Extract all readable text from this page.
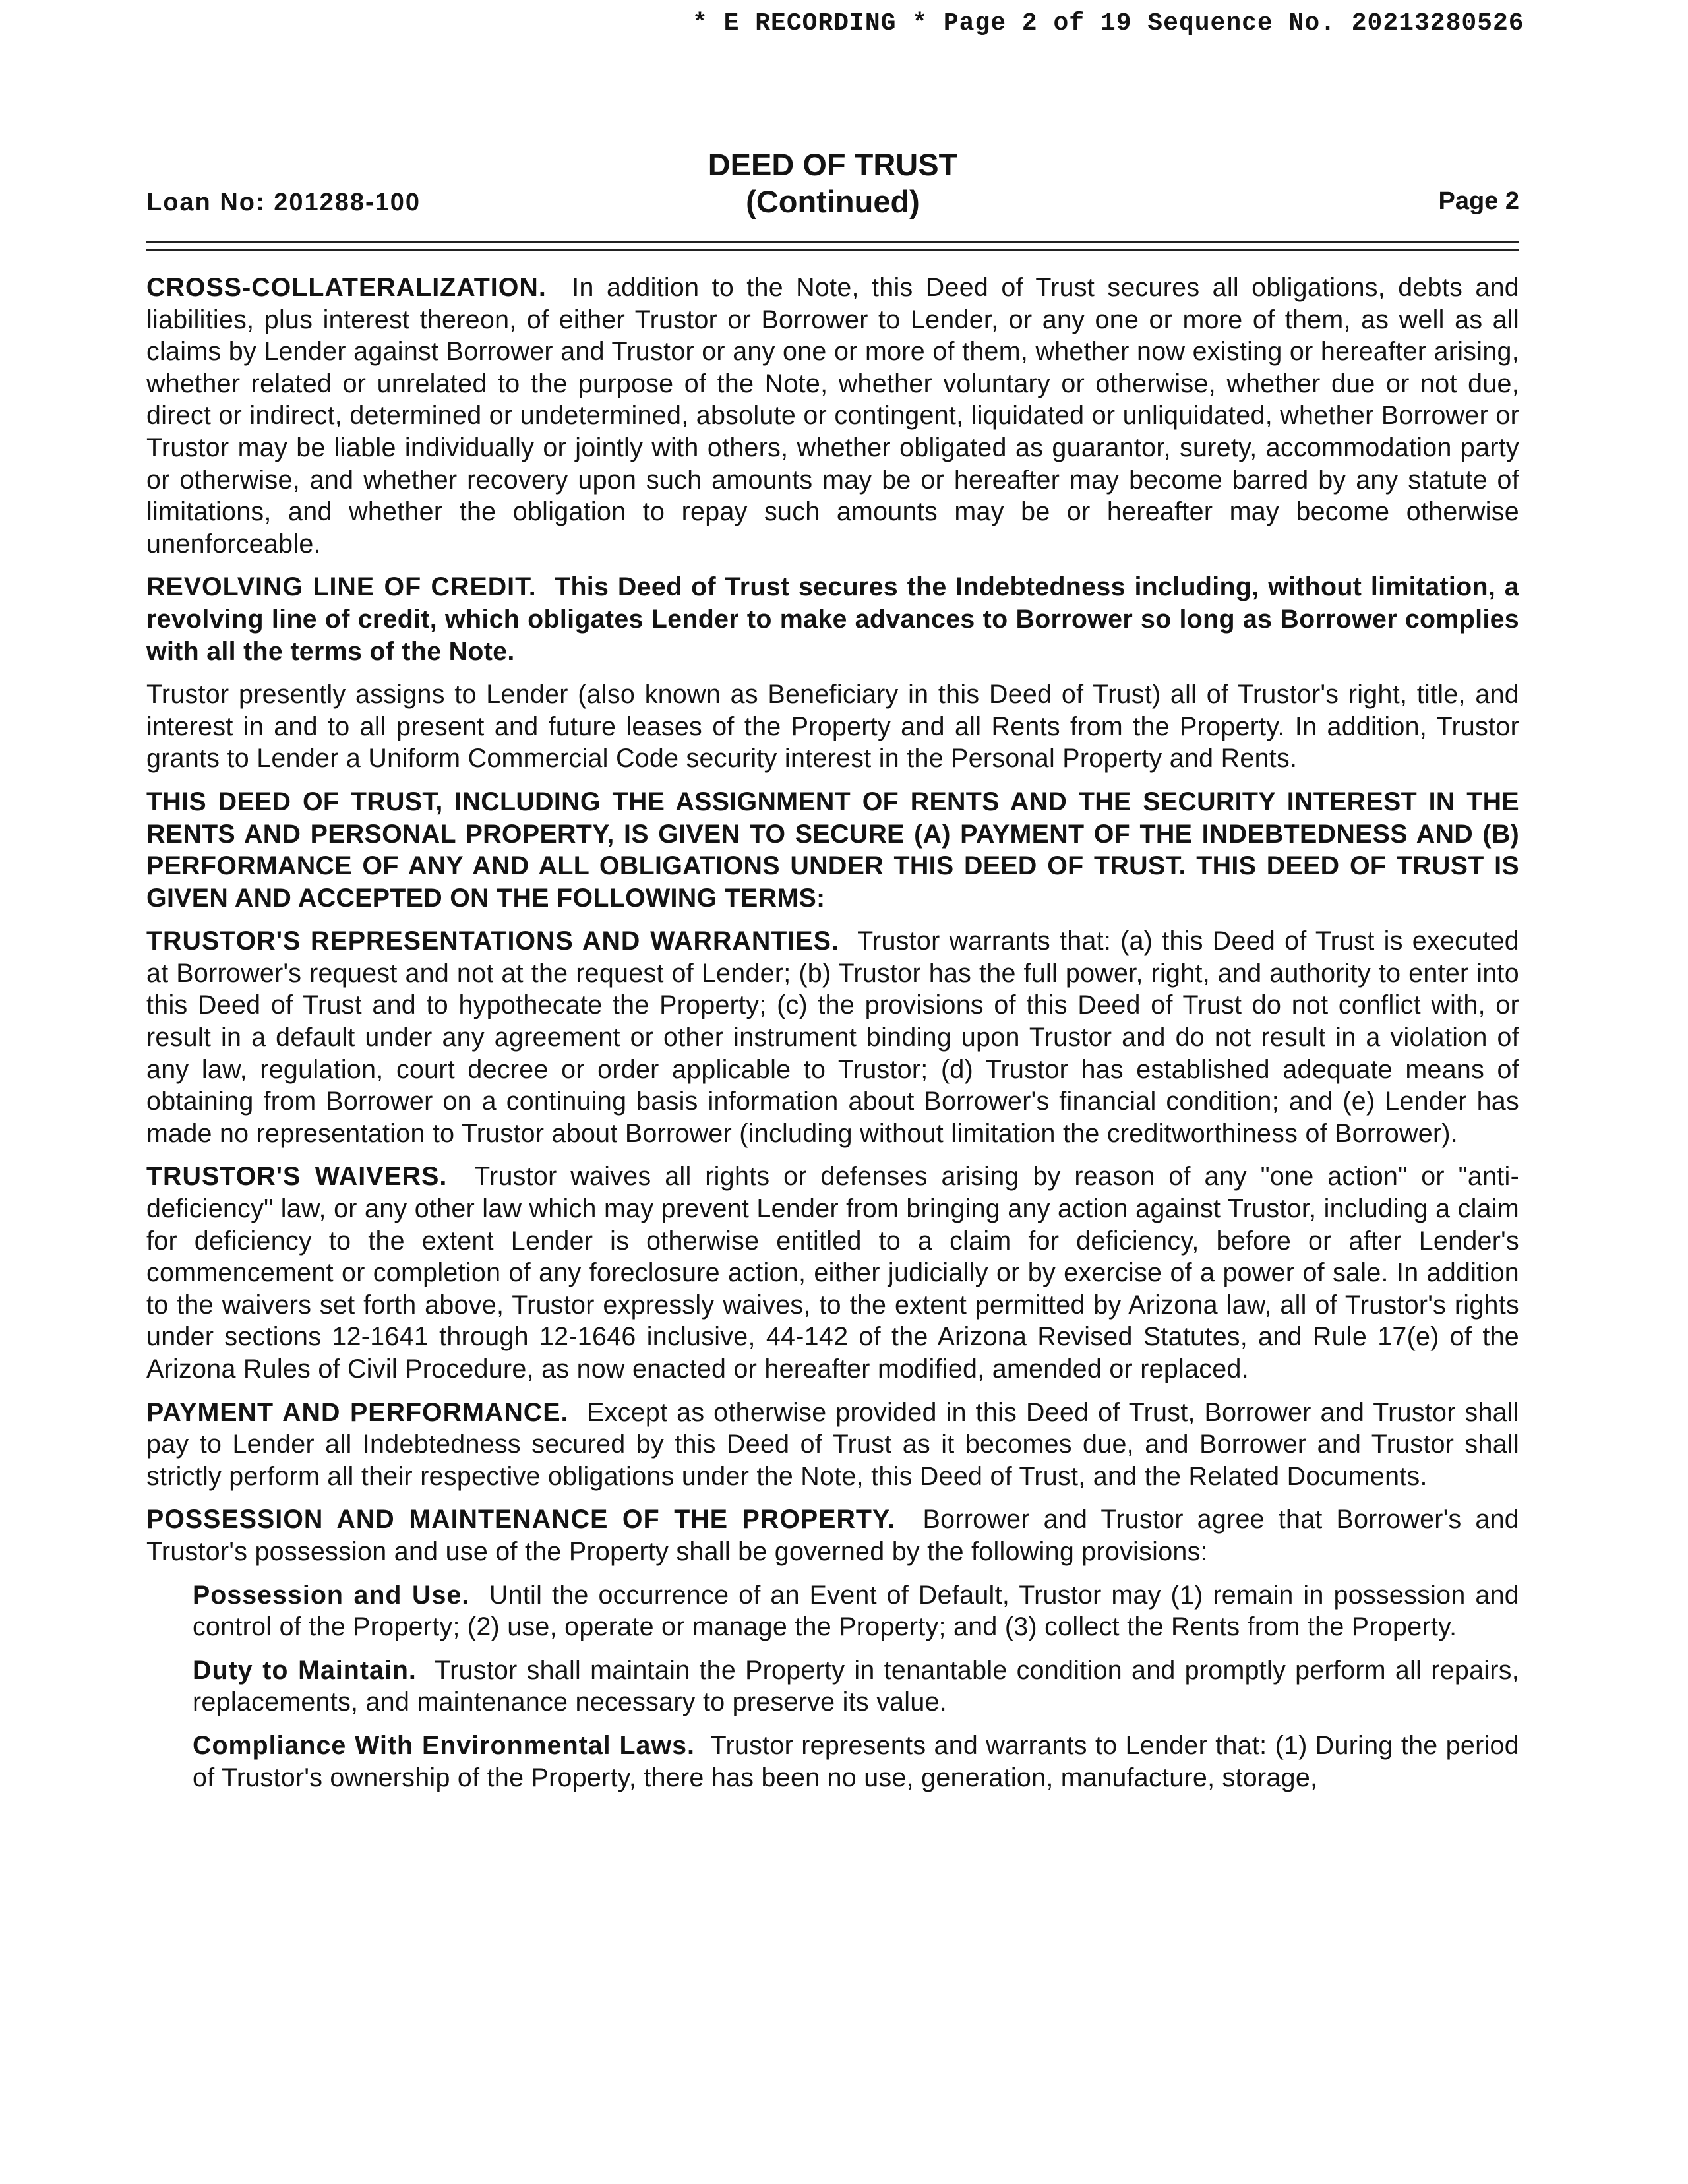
* E RECORDING * Page 2 of 19 Sequence No. 20213280526
Loan No: 201288-100
DEED OF TRUST
(Continued)	Page 2

CROSS-COLLATERALIZATION. In addition to the Note, this Deed of Trust secures all obligations, debts and liabilities, plus interest thereon, of either Trustor or Borrower to Lender, or any one or more of them, as well as all claims by Lender against Borrower and Trustor or any one or more of them, whether now existing or hereafter arising, whether related or unrelated to the purpose of the Note, whether voluntary or otherwise, whether due or not due, direct or indirect, determined or undetermined, absolute or contingent, liquidated or unliquidated, whether Borrower or Trustor may be liable individually or jointly with others, whether obligated as guarantor, surety, accommodation party or otherwise, and whether recovery upon such amounts may be or hereafter may become barred by any statute of limitations, and whether the obligation to repay such amounts may be or hereafter may become otherwise unenforceable.

REVOLVING LINE OF CREDIT. This Deed of Trust secures the Indebtedness including, without limitation, a revolving line of credit, which obligates Lender to make advances to Borrower so long as Borrower complies with all the terms of the Note.

Trustor presently assigns to Lender (also known as Beneficiary in this Deed of Trust) all of Trustor's right, title, and interest in and to all present and future leases of the Property and all Rents from the Property. In addition, Trustor grants to Lender a Uniform Commercial Code security interest in the Personal Property and Rents.

THIS DEED OF TRUST, INCLUDING THE ASSIGNMENT OF RENTS AND THE SECURITY INTEREST IN THE RENTS AND PERSONAL PROPERTY, IS GIVEN TO SECURE (A) PAYMENT OF THE INDEBTEDNESS AND (B) PERFORMANCE OF ANY AND ALL OBLIGATIONS UNDER THIS DEED OF TRUST. THIS DEED OF TRUST IS GIVEN AND ACCEPTED ON THE FOLLOWING TERMS:

TRUSTOR'S REPRESENTATIONS AND WARRANTIES. Trustor warrants that: (a) this Deed of Trust is executed at Borrower's request and not at the request of Lender; (b) Trustor has the full power, right, and authority to enter into this Deed of Trust and to hypothecate the Property; (c) the provisions of this Deed of Trust do not conflict with, or result in a default under any agreement or other instrument binding upon Trustor and do not result in a violation of any law, regulation, court decree or order applicable to Trustor; (d) Trustor has established adequate means of obtaining from Borrower on a continuing basis information about Borrower's financial condition; and (e) Lender has made no representation to Trustor about Borrower (including without limitation the creditworthiness of Borrower).

TRUSTOR'S WAIVERS. Trustor waives all rights or defenses arising by reason of any "one action" or "anti-deficiency" law, or any other law which may prevent Lender from bringing any action against Trustor, including a claim for deficiency to the extent Lender is otherwise entitled to a claim for deficiency, before or after Lender's commencement or completion of any foreclosure action, either judicially or by exercise of a power of sale. In addition to the waivers set forth above, Trustor expressly waives, to the extent permitted by Arizona law, all of Trustor's rights under sections 12-1641 through 12-1646 inclusive, 44-142 of the Arizona Revised Statutes, and Rule 17(e) of the Arizona Rules of Civil Procedure, as now enacted or hereafter modified, amended or replaced.

PAYMENT AND PERFORMANCE. Except as otherwise provided in this Deed of Trust, Borrower and Trustor shall pay to Lender all Indebtedness secured by this Deed of Trust as it becomes due, and Borrower and Trustor shall strictly perform all their respective obligations under the Note, this Deed of Trust, and the Related Documents.

POSSESSION AND MAINTENANCE OF THE PROPERTY. Borrower and Trustor agree that Borrower's and Trustor's possession and use of the Property shall be governed by the following provisions:

Possession and Use. Until the occurrence of an Event of Default, Trustor may (1) remain in possession and control of the Property; (2) use, operate or manage the Property; and (3) collect the Rents from the Property.

Duty to Maintain. Trustor shall maintain the Property in tenantable condition and promptly perform all repairs, replacements, and maintenance necessary to preserve its value.

Compliance With Environmental Laws. Trustor represents and warrants to Lender that: (1) During the period of Trustor's ownership of the Property, there has been no use, generation, manufacture, storage,
